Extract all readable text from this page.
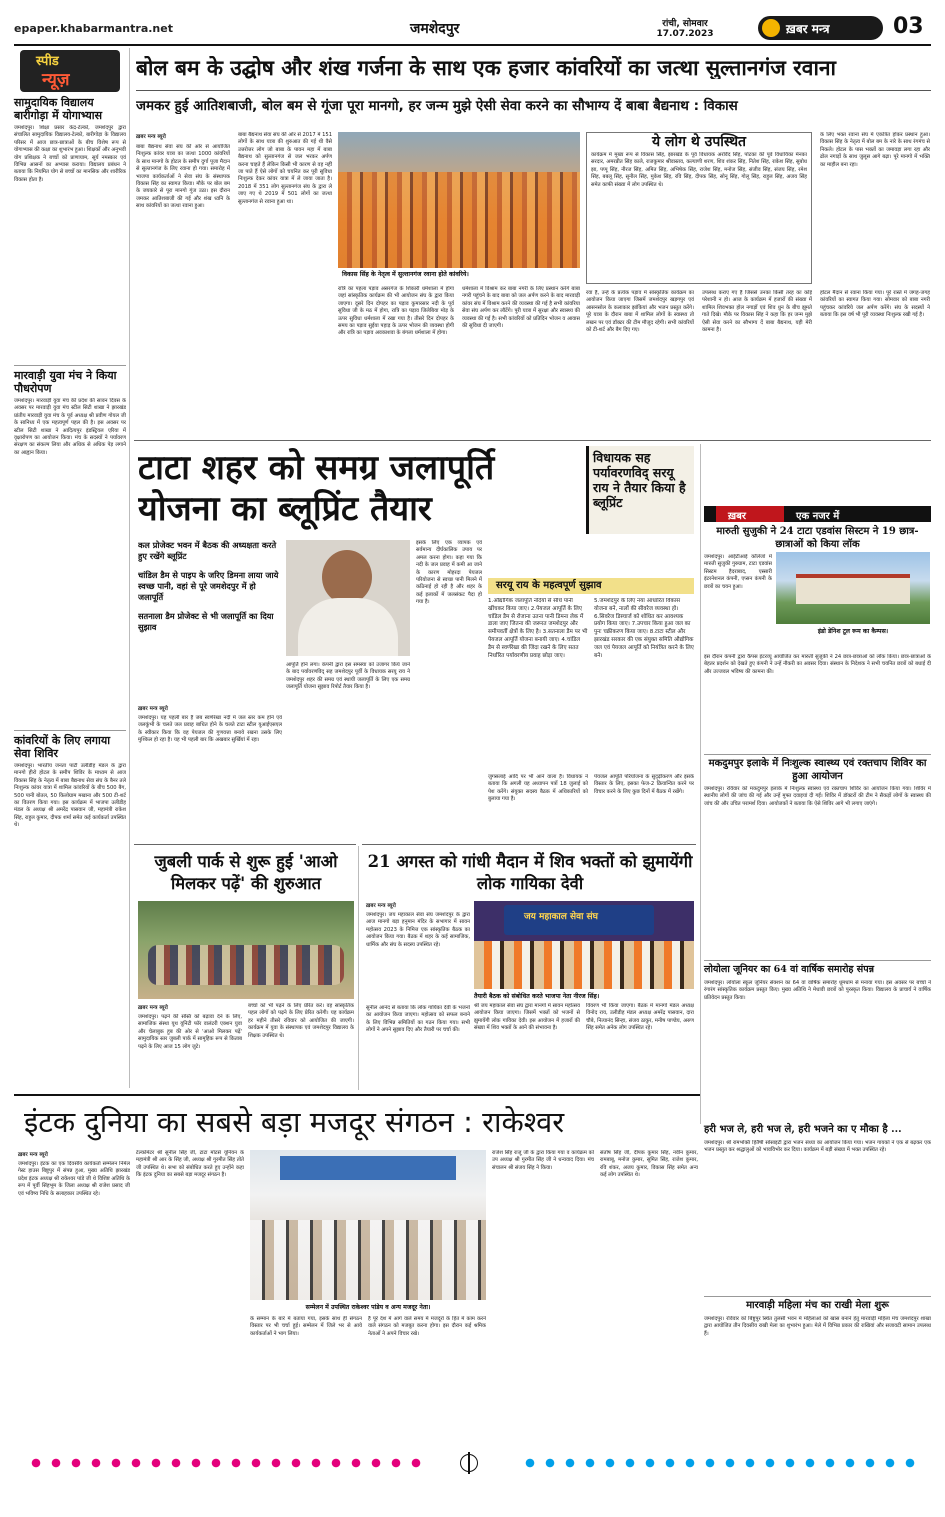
epaper.khabarmantra.net	जमशेदपुर	रांची, सोमवार
17.07.2023	ख़बर मन्त्र	03
स्पीड
न्यूज़
सामुदायिक विद्यालय बारीगोड़ा में योगाभ्यास
जमशेदपुर। शिक्षा प्रसार केंद्र-टेल्को, जमशेदपुर द्वारा संचालित सामुदायिक विद्यालय-टेल्को, बारीगोड़ा के विद्यालय परिसर में आज छात्र-छात्राओं के बीच विशेष रूप से योगाभ्यास की कक्षा का शुभारंभ हुआ। शिक्षकों और अनुभवी योग प्रशिक्षक ने बच्चों को प्राणायाम, सूर्य नमस्कार एवं विभिन्न आसनों का अभ्यास कराया। विद्यालय प्रबंधन ने बताया कि नियमित योग से बच्चों का मानसिक और शारीरिक विकास होता है।
मारवाड़ी युवा मंच ने किया पौधरोपण
जमशेदपुर। मारवाड़ी युवा मंच की प्रदेश की सावन दिवस के अवसर पर मारवाड़ी युवा मंच स्टील सिटी शाखा ने झारखंड प्रांतीय मारवाड़ी युवा मंच के पूर्व अध्यक्ष श्री प्रवीण गोयल जी के सानिध्य में एक महत्वपूर्ण पहल की है। इस अवसर पर स्टील सिटी शाखा ने आदित्यपुर इंडस्ट्रियल एरिया में वृक्षारोपण का आयोजन किया। मंच के सदस्यों ने पर्यावरण संरक्षण का संकल्प लिया और अधिक से अधिक पेड़ लगाने का आह्वान किया।
कांवरियों के लिए लगाया सेवा शिविर
जमशेदपुर। भारतीय जनता पार्टी उलीडीह मंडल के द्वारा मानगो हीरो होटल के समीप शिविर के माध्यम से आज विकास सिंह के नेतृत्व में बाबा बैद्यनाथ सेवा संघ के बैनर तले निःशुल्क कांवर यात्रा में शामिल कांवरियों के बीच 500 बैग, 500 पानी बोतल, 50 किलोग्राम मखाना और 500 टी-शर्ट का वितरण किया गया। इस कार्यक्रम में भाजपा उलीडीह मंडल के अध्यक्ष श्री अमरेंद्र पासवान जी, महामंत्री राकेश सिंह, राहुल कुमार, दीपक शर्मा समेत कई कार्यकर्ता उपस्थित थे।
बोल बम के उद्घोष और शंख गर्जना के साथ एक हजार कांवरियों का जत्था सुल्तानगंज रवाना
जमकर हुई आतिशबाजी, बोल बम से गूंजा पूरा मानगो, हर जन्म मुझे ऐसी सेवा करने का सौभाग्य दें बाबा बैद्यनाथ : विकास
ख़बर मन्त्र ब्यूरो
बाबा बैद्यनाथ सेवा संघ की ओर से आयोजित निःशुल्क कांवर यात्रा का जत्था 1000 कांवरियों के साथ मानगो के होटल के समीप दुर्गा पूजा मैदान से सुल्तानगंज के लिए रवाना हो गया। समारोह में भाजपा कार्यकर्ताओं ने सेवा संघ के संस्थापक विकास सिंह का स्वागत किया। मौके पर बोल बम के जयकारे से पूरा मानगो गूंज उठा। इस दौरान जमकर आतिशबाजी की गई और शंख ध्वनि के साथ कांवरियों का जत्था रवाना हुआ।
बाबा बैद्यनाथ सेवा संघ की ओर से 2017 में 151 लोगों के साथ यात्रा की शुरुआत की गई थी वैसे उत्तरोत्तर लोग जो बाबा के पावन महा में बाबा बैद्यनाथ को सुल्तानगंज से जल भरकर अर्पण करना चाहते हैं लेकिन किसी भी कारण से वह नहीं जा पाते हैं ऐसे लोगों को चयनित कर पूरी सुविधा निःशुल्क देकर कांवर यात्रा में ले जाया जाता है। 2018 में 351 लोग सुल्तानगंज संघ के द्वारा ले जाए गए थे 2019 में 501 लोगों का जत्था सुल्तानगंज से रवाना हुआ था।
विकास सिंह के नेतृत्व में सुल्तानगंज रवाना होते कांवरिये।
रात्रि का पहला पड़ाव असरगंज के शिकारी धर्मशाला में होगा जहां सांस्कृतिक कार्यक्रम की भी आयोजन संघ के द्वारा किया जाएगा। दूसरे दिन दोपहर का पड़ाव कुमारसार नदी के पूर्व सुविधा जी के मठ में होगा, रात्रि का पड़ाव जिलेबिया मोड़ के ऊपर सुविधा धर्मशाला में रखा गया है। तीसरे दिन दोपहर के समय का पड़ाव सुईया पहाड़ के ऊपर भोजन की व्यवस्था होगी और रात्रि का पड़ाव अवकाशवा के बंगला धर्मशाला में होगा।
धर्मशाला में विश्राम कर बाबा नगरी के लिए प्रस्थान करेंगे बाबा नगरी पहुंचने के बाद बाबा को जल अर्पण करने के बाद मारवाड़ी कांवर संघ में विश्राम करने की व्यवस्था की गई है सभी कांवरिया सेवा संघ अर्पण कर लौटेंगे। पूरी यात्रा में सुरक्षा और स्वास्थ्य की व्यवस्था की गई है। सभी कांवरियों को प्रतिदिन भोजन व आवास की सुविधा दी जाएगी।
ये लोग थे उपस्थित
कार्यक्रम में मुख्य रूप से विकास सिंह, झारखंड के पूर्व विधायक अरविंद सिंह, पोटका की पूर्व विधायिका मेनका सरदार, अमरप्रीत सिंह काले, राजकुमार श्रीवास्तव, कल्याणी शरण, शिव शंकर सिंह, नितेश सिंह, राकेश सिंह, सुबोध झा, पप्पू सिंह, नीरज सिंह, अमित सिंह, अभिषेक सिंह, राजेश सिंह, मनोज सिंह, संजीव सिंह, संजय सिंह, रमेश सिंह, बबलू सिंह, सुनील सिंह, मुकेश सिंह, रवि सिंह, दीपक सिंह, सोनू सिंह, गोलू सिंह, राहुल सिंह, अजय सिंह समेत काफी संख्या में लोग उपस्थित थे।
रवा है, उन्हें के प्रत्येक पड़ाव में सांस्कृतिक कार्यक्रम का आयोजन किया जाएगा जिसमें जमशेदपुर खड़गपुर एवं आसनसोल के कलाकार झांकियां और भजन प्रस्तुत करेंगे। पूरे यात्रा के दौरान बाबा में शामिल लोगों के स्वास्थ्य तो लखन पर एवं डॉक्टर की टीम मौजूद रहेगी। सभी कांवरियों को टी-शर्ट और बैग दिए गए।
उपलब्ध कराए गए हैं जिससे उनका किसी तरह का कोई परेशानी न हो। आज के कार्यक्रम में हजारों की संख्या में शामिल शिवभक्त होल नगाड़ों एवं शिव धुन के बीच झूमते गाते दिखे। मौके पर विकास सिंह ने कहा कि हर जन्म मुझे ऐसी सेवा करने का सौभाग्य दें बाबा बैद्यनाथ, यही मेरी कामना है।
के लिए भक्त रवाना संघ में एकत्रित होकर प्रस्थान हुआ। विकास सिंह के नेतृत्व में बोल बम के नारे के साथ रंगमंच से निकले। होटल के पास भक्तों का जमावड़ा लगा रहा और ढोल नगाड़ों के साथ जुलूस आगे बढ़ा। पूरे मानगो में भक्ति का माहौल बना रहा।
होटल मैदान से रवाना किया गया। पूरे रास्ते में जगह-जगह कांवरियों का स्वागत किया गया। सोमवार को बाबा नगरी पहुंचकर कांवरिये जल अर्पण करेंगे। संघ के सदस्यों ने बताया कि इस वर्ष भी पूरी व्यवस्था निःशुल्क रखी गई है।
टाटा शहर को समग्र जलापूर्ति योजना का ब्लूप्रिंट तैयार
विधायक सह पर्यावरणविद् सरयू राय ने तैयार किया है ब्लूप्रिंट
कल प्रोजेक्ट भवन में बैठक की अध्यक्षता करते हुए रखेंगे ब्लूप्रिंट
चांडिल डैम से पाइप के जरिए डिमना लाया जाये स्वच्छ पानी, वहां से पूरे जमशेदपुर में हो जलापूर्ति
सतनाला डैम प्रोजेक्ट से भी जलापूर्ति का दिया सुझाव
ख़बर मन्त्र ब्यूरो
जमशेदपुर। यह पहली बार है जब स्वर्णरेखा नदी में जल स्तर कम होने एवं जलकुंभी के चलते जल प्रवाह बाधित होने के चलते टाटा स्टील यूआईएसएल के स्वीकार किया कि वह पेयजल की गुणवत्ता बनाये रखना उसके लिए मुश्किल हो रहा है। यह भी पहली बार कि अखबार सुर्खियां में रहा।
आपूर्ति होने लगा। कंपनी द्वारा इस समस्या को उजागर किये जाने के बाद पर्यावरणविद् सह जमशेदपुर पूर्वी के विधायक सरयू राय ने जमशेदपुर शहर की समग्र एवं स्थायी जलापूर्ति के लिए एक समग्र जलापूर्ति योजना सुझाव रिपोर्ट तैयार किया है।
इसके लिए एक व्यापक एवं सर्वमान्य दीर्घकालिक उपाय पर अमल करना होगा। कहा गया कि नदी के जल प्रवाह में कमी आ जाने के कारण मोहरदा पेयजल परियोजना से स्वच्छ पानी मिलने में कठिनाई हो रही है और शहर के कई इलाकों में जलसंकट पैदा हो गया है।
सरयू राय के महत्वपूर्ण सुझाव
1.औद्योगिक जलापूर्ति नदियों से सीधे पानी खींचकर किया जाए। 2.पेयजल आपूर्ति के लिए चांडिल डैम से रोजाना उतना पानी डिमना लेक में डाला जाए जितना की जरूरत जमशेदपुर और समीपवर्ती क्षेत्रों के लिए है। 3.सतनाला डैम पर भी पेयजल आपूर्ति योजना बनायी जाए। 4.चांडिल डैम से स्वर्णरेखा की जिंदा रखने के लिए सतत निर्धारित पर्यावरणीय प्रवाह छोड़ा जाए।
5.जमशेदपुर के लिए नया आधारित विकास योजना बने, नालों की सीवरेज व्यवस्था हो। 6.सिवरेज डिस्चार्ज को शोधित कर आवश्यक प्रयोग किया जाए। 7.उपचार किया हुआ जल का पुनः चक्रीकरण किया जाए। 8.टाटा स्टील और झारखंड सरकार की एक संयुक्त समिति औद्योगिक जल एवं पेयजल आपूर्ति को नियंत्रित करने के लिए बने।
जुगसलाई आदि पर भी आने वाला है। विधायक ने बताया कि अगली यह अध्यापन पत्रों 18 जुलाई को पेश करेंगे। संयुक्त सदस्य बैठक में अधिकारियों को बुलाया गया है।
पेयजल आपूर्ति परियोजना के सुदृढ़ीकरण और इसके विस्तार के लिए, इसका फेज-2 क्रियान्वित करने पर विचार करने के लिए कुछ दिनों में बैठक में रखेंगे।
जुबली पार्क से शुरू हुई 'आओ मिलकर पढ़ें' की शुरुआत
ख़बर मन्त्र ब्यूरो
जमशेदपुर। पढ़ने की संस्ति को बढ़ावा देने के लिए, सामाजिक संस्था यूथ यूनिटी फॉर वालंटरी एक्शन युवा और चेलाबुक हुब की ओर से 'आओ मिलकर पढ़ें' सामुदायिक स्तर जुबली पार्क में सामूहिक रूप से किताब पढ़ने के लिए आज 15 लोग जुटे।
बच्चों को भी पढ़ने के लिए प्रेरित करें। वह सांस्कृतिक पहल लोगों को पढ़ने के लिए प्रेरित करेगी। यह कार्यक्रम हर महीने तीसरे रविवार को आयोजित की जाएगी। कार्यक्रम में युवा के संस्थापक एवं जमशेदपुर विद्यालय के शिक्षक उपस्थित थे।
21 अगस्त को गांधी मैदान में शिव भक्तों को झुमायेंगी लोक गायिका देवी
ख़बर मन्त्र ब्यूरो
जमशेदपुर। जय महाकाल सेवा संघ जमशेदपुर के द्वारा आज मानगो बड़ा हनुमान मंदिर के सभागार में सावन महोत्सव 2023 के निमित्त एक सांस्कृतिक बैठक का आयोजन किया गया। बैठक में शहर के कई सामाजिक, धार्मिक और संघ के सदस्य उपस्थित रहे।
जय महाकाल सेवा संघ
तैयारी बैठक को संबोधित करते भाजपा नेता नीरज सिंह।
सुनील आनंद से बताया कि लोक गायिका देवी के भजनों का आयोजन किया जाएगा। महोत्सव को सफल बनाने के लिए विभिन्न समितियों का गठन किया गया। सभी लोगों ने अपने सुझाव दिए और तैयारी पर चर्चा की।
श्री जय महाकाल सेवा संघ द्वारा मानगो में सावन महोत्सव आयोजन किया जाएगा। जिसमें भक्तों को भजनों से झुमायेंगी लोक गायिका देवी। इस आयोजन में हजारों की संख्या में शिव भक्तों के आने की संभावना है।
विवरण भी किया जाएगा। बैठक में मानगो मंडल अध्यक्ष विनोद राय, उलीडीह मंडल अध्यक्ष अमरेंद्र पासवान, दारा चौबे, नित्यानंद सिन्हा, संजय ठाकुर, मनीष पाण्डेय, अरुण सिंह समेत अनेक लोग उपस्थित रहे।
ख़बर	एक नजर में
मारुती सुजुकी ने 24 टाटा एडवांस सिस्टम ने 19 छात्र-छात्राओं को किया लॉक
जमशेदपुर। आईटीआई कॉलेजों में मारुती सुजुकी गुरुग्राम, टाटा एडवांस सिस्टम हैदराबाद, एस्सारी इंटरनेशनल कंपनी, एप्सन कंपनी के छात्रों का चयन हुआ।
इंडो डेनिश टूल रूम का कैम्पस।
इस दौरान कंपनी द्वारा कैंपस इंटरव्यू आयोजित कर मारुती सुजुकी ने 24 छात्र-छात्राओं को लॉक किया। छात्र-छात्राओं के बेहतर प्रदर्शन को देखते हुए कंपनी ने उन्हें नौकरी का अवसर दिया। संस्थान के निदेशक ने सभी चयनित छात्रों को बधाई दी और उज्जवल भविष्य की कामना की।
मकदुमपुर इलाके में निःशुल्क स्वास्थ्य एवं रक्तचाप शिविर का हुआ आयोजन
जमशेदपुर। रविवार को मकदुमपुर इलाके में निःशुल्क स्वास्थ्य एवं रक्तचाप शिविर का आयोजन किया गया। शिविर में स्थानीय लोगों की जांच की गई और उन्हें मुफ्त दवाइयां दी गईं। शिविर में डॉक्टरों की टीम ने सैकड़ों लोगों के स्वास्थ्य की जांच की और उचित परामर्श दिया। आयोजकों ने बताया कि ऐसे शिविर आगे भी लगाए जाएंगे।
लोयोला जूनियर का 64 वां वार्षिक समारोह संपन्न
जमशेदपुर। लोयोला स्कूल जूनियर सेक्शन का 64 वां वार्षिक समारोह धूमधाम से मनाया गया। इस अवसर पर बच्चों ने रंगारंग सांस्कृतिक कार्यक्रम प्रस्तुत किए। मुख्य अतिथि ने मेधावी छात्रों को पुरस्कृत किया। विद्यालय के प्राचार्य ने वार्षिक प्रतिवेदन प्रस्तुत किया।
हरी भज ले, हरी भज ले, हरी भजने का ए मौका है ...
जमशेदपुर। श्री रामभक्ति हितैषी सोसाइटी द्वारा भजन संध्या का आयोजन किया गया। भजन गायकों ने एक से बढ़कर एक भजन प्रस्तुत कर श्रद्धालुओं को भावविभोर कर दिया। कार्यक्रम में बड़ी संख्या में भक्त उपस्थित रहे।
मारवाड़ी महिला मंच का राखी मेला शुरू
जमशेदपुर। रविवार को बिष्टुपुर स्थित तुलसी भवन में महिलाओं को खास बनाने हेतु मारवाड़ी महिला मंच जमशेदपुर शाखा द्वारा आयोजित तीन दिवसीय राखी मेला का शुभारंभ हुआ। मेले में विभिन्न प्रकार की राखियां और सजावटी सामान उपलब्ध हैं।
इंटक दुनिया का सबसे बड़ा मजदूर संगठन : राकेश्वर
ख़बर मन्त्र ब्यूरो
जमशेदपुर। इंटक का एक दिवसीय कार्यकर्ता सम्मेलन निर्मल गेस्ट हाउस बिष्टुपुर में संपन्न हुआ, मुख्य अतिथि झारखंड प्रदेश इंटक अध्यक्ष श्री राकेश्वर पांडे जी थे विशिष्ट अतिथि के रूप में पूर्वी सिंहभूम के जिला अध्यक्ष श्री राजेश प्रसाद जी एवं भविष्य निधि के सलाहकार उपस्थित रहे।
टेल्कोमेटर श्री सुनील सिंह जी, टाटा मोटर्स यूनियन के महामंत्री श्री आर के सिंह जी, अध्यक्ष श्री गुरमीत सिंह तोते जी उपस्थित थे। सभा को संबोधित करते हुए उन्होंने कहा कि इंटक दुनिया का सबसे बड़ा मजदूर संगठन है।
सम्मेलन में उपस्थित राकेश्वर पांडेय व अन्य मजदूर नेता।
के सम्मान के बारे में बताया गया, इसके साथ ही संगठन विस्तार पर भी चर्चा हुई। सम्मेलन में जिले भर से आये कार्यकर्ताओं ने भाग लिया।
है पूरे देश में आगे वाले समय में मजदूरों के हित में काम करने वाले संगठन को मजबूत करना होगा। इस दौरान कई श्रमिक नेताओं ने अपने विचार रखे।
राजेश सिंह राजू जी के द्वारा किया गया व कार्यक्रम को उप अध्यक्ष श्री गुरमीत सिंह जी ने धन्यवाद दिया। मंच संचालन श्री संजय सिंह ने किया।
संतोष सिंह जी, दीपक कुमार सिंह, नवीन कुमार, रामबाबू, मनोज कुमार, सुमित सिंह, राजेश कुमार, रवि शंकर, अजय कुमार, विकास सिंह समेत अन्य कई लोग उपस्थित थे।
